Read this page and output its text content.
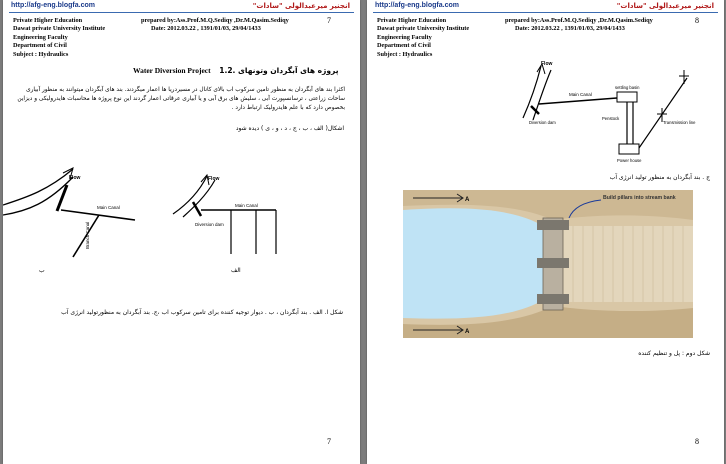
http://afg-eng.blogfa.com	انجنیر میرعبدالولی "سادات"
7
Private Higher Education
Dawat private University Institute
Engineering Faculty
Department of Civil
Subject : Hydraulics
prepared by:Ass.Prof.M.Q.Sediqy ,Dr.M.Qasim.Sediqy
Date: 2012.03.22 , 1391/01/03, 29/04/1433
Water Diversion Project	پروژه های آبگردان وتونهای .1.2
اکثرا بند های آبگردان به منظور تامین سرکوب اب بالای کانال در مسیردریا ها اعمار میگردند. بند های آبگردان میتوانند به منظور آبیاری ساحات زراعتی ، ترسانسپورت آبی ، سلیش های برق آبی و یا آبیاری عرقاتی اعمار گردند این نوع پروژه ها محاسبات هایدرولیکی و دیزاین بخصوص دارد که با علم هایدرولیک ارتباط دارد .
اشکال( الف ، ب ، ج ، د ، و ، ی ) دیده شود
Flow
Main Canal
Branch Canal
ب
Flow
Main Canal
Diversion dam
الف
شکل ا. الف . بند آبگردان ، ب . دیوار توجیه کننده برای تامین سرکوب اب ،ج. بند آبگردان به منظورتولید انرژی آب
7
http://afg-eng.blogfa.com	انجنیر میرعبدالولی "سادات"
8
Private Higher Education
Dawat private University Institute
Engineering Faculty
Department of Civil
Subject : Hydraulics
prepared by:Ass.Prof.M.Q.Sediqy ,Dr.M.Qasim.Sediqy
Date: 2012.03.22 , 1391/01/03, 29/04/1433
Flow
Main Canal
settling basin
Penstock
Transmission line
Diversion dam
Power house
ج . بند آبگردان به منظور تولید انرژی آب
A
A
Build pillars into stream bank
شکل دوم : پل و تنظیم کننده
8
